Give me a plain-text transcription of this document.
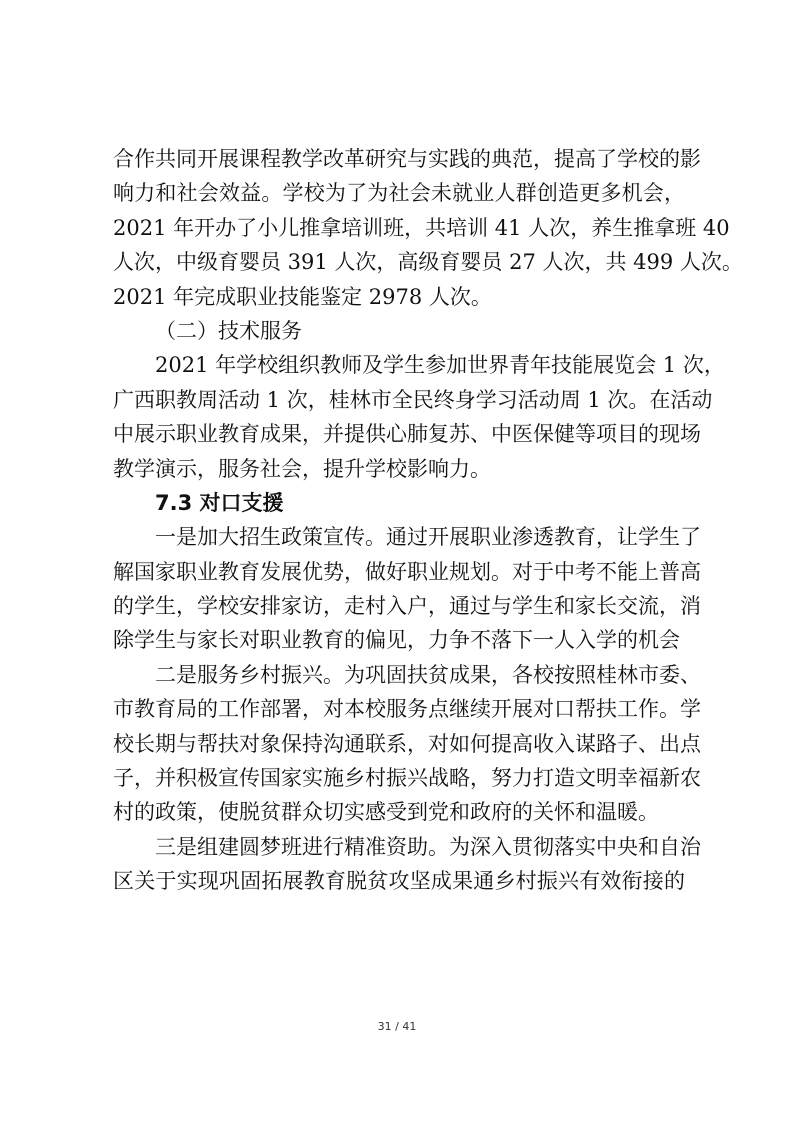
合作共同开展课程教学改革研究与实践的典范，提高了学校的影
响力和社会效益。学校为了为社会未就业人群创造更多机会，
2021 年开办了小儿推拿培训班，共培训 41 人次，养生推拿班 40
人次，中级育婴员 391 人次，高级育婴员 27 人次，共 499 人次。
2021 年完成职业技能鉴定 2978 人次。
（二）技术服务
2021 年学校组织教师及学生参加世界青年技能展览会 1 次，
广西职教周活动 1 次，桂林市全民终身学习活动周 1 次。在活动
中展示职业教育成果，并提供心肺复苏、中医保健等项目的现场
教学演示，服务社会，提升学校影响力。
7.3 对口支援
一是加大招生政策宣传。通过开展职业渗透教育，让学生了
解国家职业教育发展优势，做好职业规划。对于中考不能上普高
的学生，学校安排家访，走村入户，通过与学生和家长交流，消
除学生与家长对职业教育的偏见，力争不落下一人入学的机会
二是服务乡村振兴。为巩固扶贫成果，各校按照桂林市委、
市教育局的工作部署，对本校服务点继续开展对口帮扶工作。学
校长期与帮扶对象保持沟通联系，对如何提高收入谋路子、出点
子，并积极宣传国家实施乡村振兴战略，努力打造文明幸福新农
村的政策，使脱贫群众切实感受到党和政府的关怀和温暖。
三是组建圆梦班进行精准资助。为深入贯彻落实中央和自治
区关于实现巩固拓展教育脱贫攻坚成果通乡村振兴有效衔接的
31 / 41
